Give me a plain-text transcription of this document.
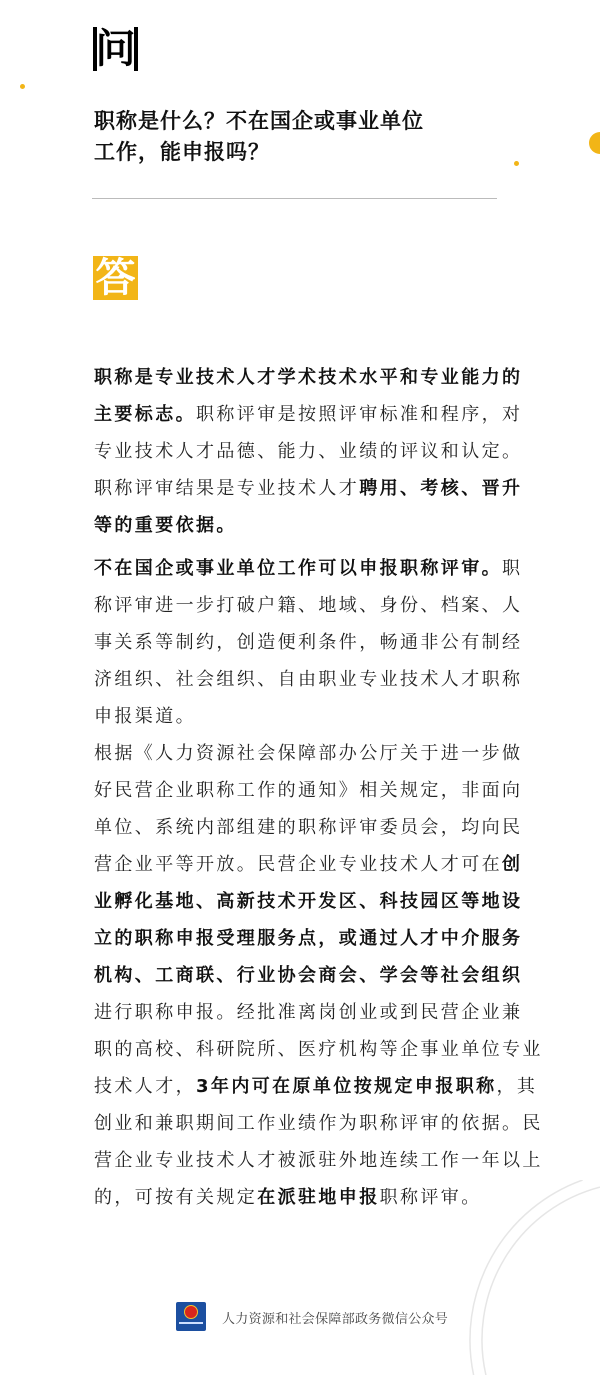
问
职称是什么？不在国企或事业单位
工作，能申报吗？
答
职称是专业技术人才学术技术水平和专业能力的
主要标志。职称评审是按照评审标准和程序，对
专业技术人才品德、能力、业绩的评议和认定。
职称评审结果是专业技术人才聘用、考核、晋升
等的重要依据。
不在国企或事业单位工作可以申报职称评审。职
称评审进一步打破户籍、地域、身份、档案、人
事关系等制约，创造便利条件，畅通非公有制经
济组织、社会组织、自由职业专业技术人才职称
申报渠道。
根据《人力资源社会保障部办公厅关于进一步做
好民营企业职称工作的通知》相关规定，非面向
单位、系统内部组建的职称评审委员会，均向民
营企业平等开放。民营企业专业技术人才可在创
业孵化基地、高新技术开发区、科技园区等地设
立的职称申报受理服务点，或通过人才中介服务
机构、工商联、行业协会商会、学会等社会组织
进行职称申报。经批准离岗创业或到民营企业兼
职的高校、科研院所、医疗机构等企事业单位专业
技术人才，3年内可在原单位按规定申报职称，其
创业和兼职期间工作业绩作为职称评审的依据。民
营企业专业技术人才被派驻外地连续工作一年以上
的，可按有关规定在派驻地申报职称评审。
人力资源和社会保障部政务微信公众号
